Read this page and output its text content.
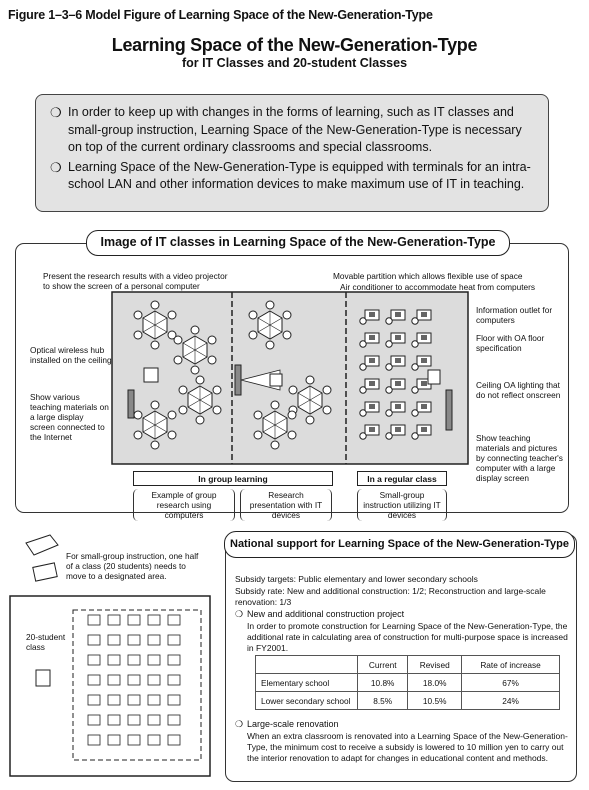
Figure 1–3–6 Model Figure of Learning Space of the New-Generation-Type
Learning Space of the New-Generation-Type
for IT Classes and 20-student Classes
❍ In order to keep up with changes in the forms of learning, such as IT classes and small-group instruction, Learning Space of the New-Generation-Type is necessary on top of the current ordinary classrooms and special classrooms.
❍ Learning Space of the New-Generation-Type is equipped with terminals for an intra-school LAN and other information devices to make maximum use of IT in teaching.
Image of IT classes in Learning Space of the New-Generation-Type
Present the research results with a video projector to show the screen of a personal computer
Movable partition which allows flexible use of space
Air conditioner to accommodate heat from computers
Optical wireless hub installed on the ceiling
Show various teaching materials on a large display screen connected to the Internet
Information outlet for computers
Floor with OA floor specification
Ceiling OA lighting that do not reflect onscreen
Show teaching materials and pictures by connecting teacher's computer with a large display screen
In group learning	In a regular class
Example of group research using computers
Research presentation with IT devices
Small-group instruction utilizing IT devices
For small-group instruction, one half of a class (20 students) needs to move to a designated area.
20-student class
National support for Learning Space of the New-Generation-Type
Subsidy targets: Public elementary and lower secondary schools
Subsidy rate: New and additional construction: 1/2; Reconstruction and large-scale renovation: 1/3
❍ New and additional construction project
In order to promote construction for Learning Space of the New-Generation-Type, the additional rate in calculating area of construction for multi-purpose space is increased in FY2001.
	Current	Revised	Rate of increase
Elementary school	10.8%	18.0%	67%
Lower secondary school	8.5%	10.5%	24%
❍ Large-scale renovation
When an extra classroom is renovated into a Learning Space of the New-Generation-Type, the minimum cost to receive a subsidy is lowered to 10 million yen to carry out the interior renovation to adapt for changes in educational content and methods.
